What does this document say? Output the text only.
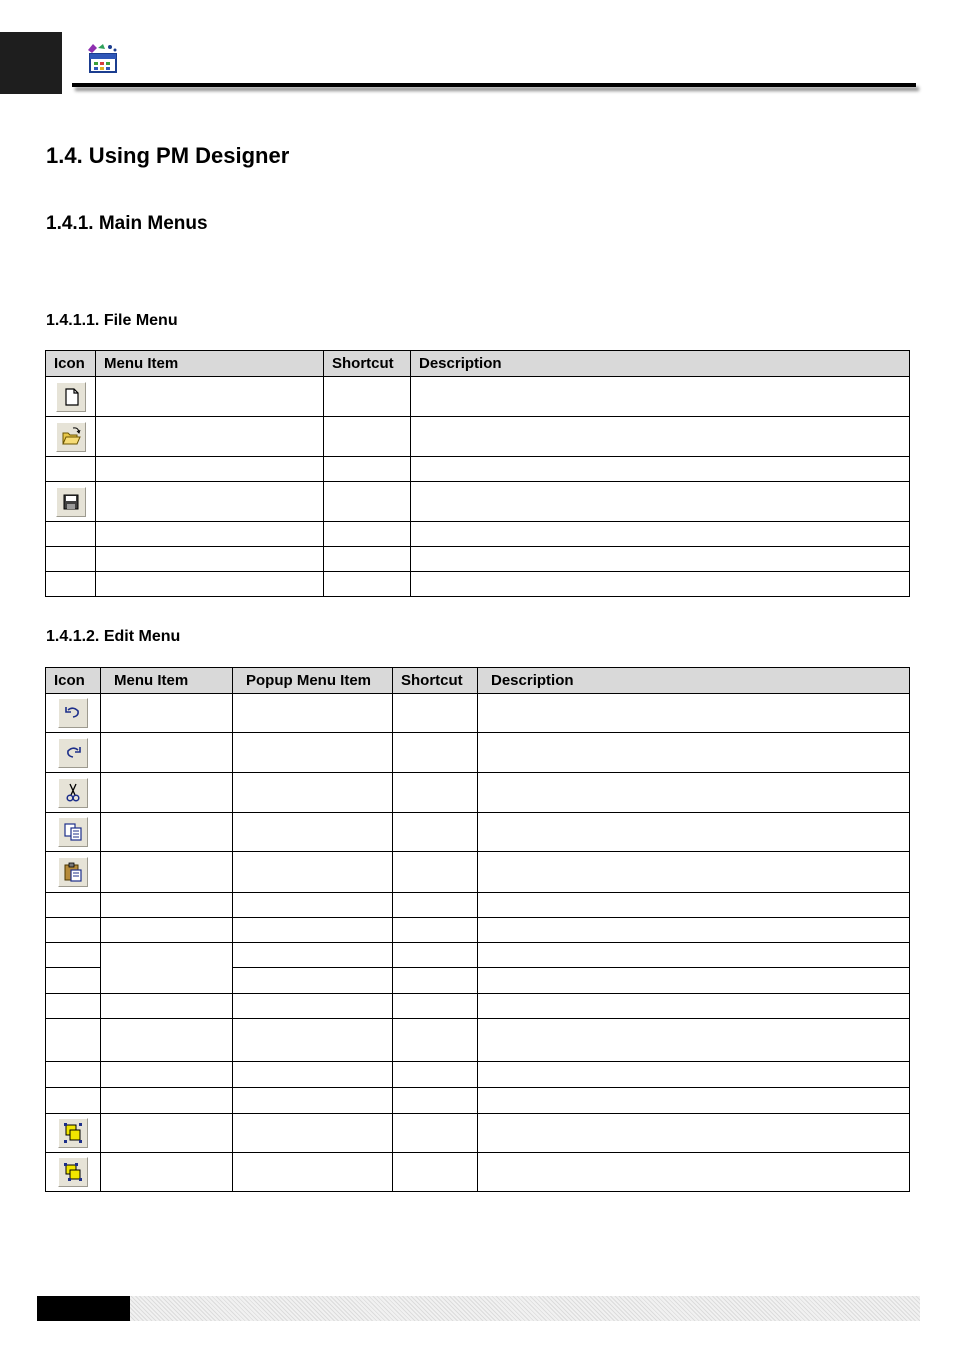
1.4. Using PM Designer
1.4.1. Main Menus
1.4.1.1. File Menu
Icon	Menu Item	Shortcut	Description

1.4.1.2. Edit Menu
Icon	Menu Item	Popup Menu Item	Shortcut	Description
